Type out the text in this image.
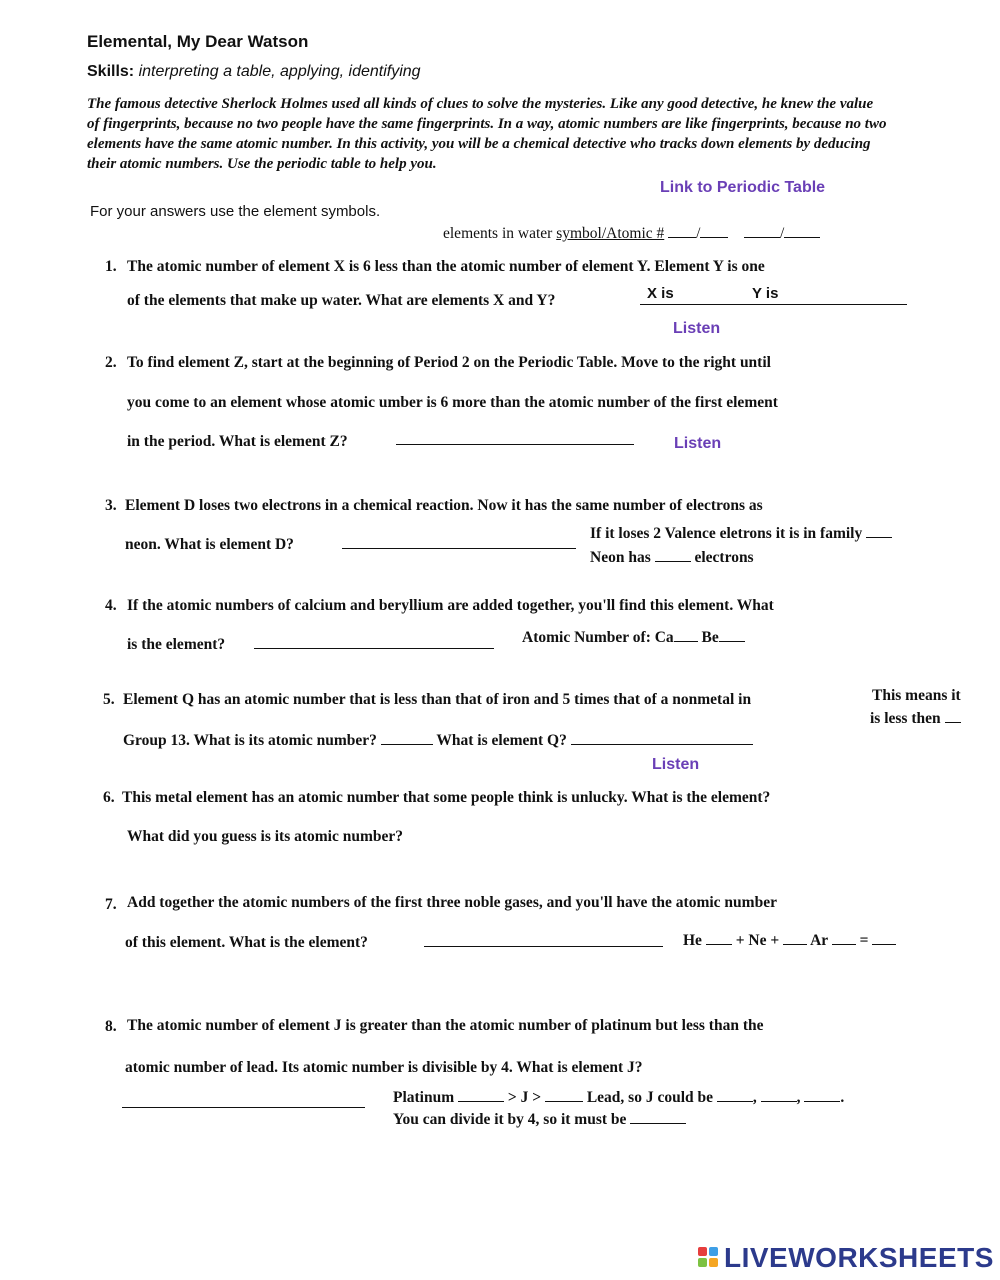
Elemental, My Dear Watson
Skills: interpreting a table, applying, identifying
The famous detective Sherlock Holmes used all kinds of clues to solve the mysteries. Like any good detective, he knew the value of fingerprints, because no two people have the same fingerprints. In a way, atomic numbers are like fingerprints, because no two elements have the same atomic number. In this activity, you will be a chemical detective who tracks down elements by deducing their atomic numbers. Use the periodic table to help you.
Link to Periodic Table
For your answers use the element symbols.
elements in water symbol/Atomic # /	/
1. The atomic number of element X is 6 less than the atomic number of element Y. Element Y is one
of the elements that make up water. What are elements X and Y?	X is	Y is
Listen
2. To find element Z, start at the beginning of Period 2 on the Periodic Table. Move to the right until
you come to an element whose atomic umber is 6 more than the atomic number of the first element
in the period. What is element Z?	Listen
3. Element D loses two electrons in a chemical reaction. Now it has the same number of electrons as
neon. What is element D?
If it loses 2 Valence eletrons it is in family
Neon has	electrons
4. If the atomic numbers of calcium and beryllium are added together, you'll find this element. What
is the element?	Atomic Number of: Ca Be
5. Element Q has an atomic number that is less than that of iron and 5 times that of a nonmetal in
Group 13. What is its atomic number?	What is element Q?
This means it
is less then
Listen
6. This metal element has an atomic number that some people think is unlucky. What is the element?
What did you guess is its atomic number?
7. Add together the atomic numbers of the first three noble gases, and you'll have the atomic number
of this element. What is the element?	He + Ne + Ar =
8. The atomic number of element J is greater than the atomic number of platinum but less than the
atomic number of lead. Its atomic number is divisible by 4. What is element J?
Platinum	> J >	Lead, so J could be	,	,	.
You can divide it by 4, so it must be
LIVEWORKSHEETS
